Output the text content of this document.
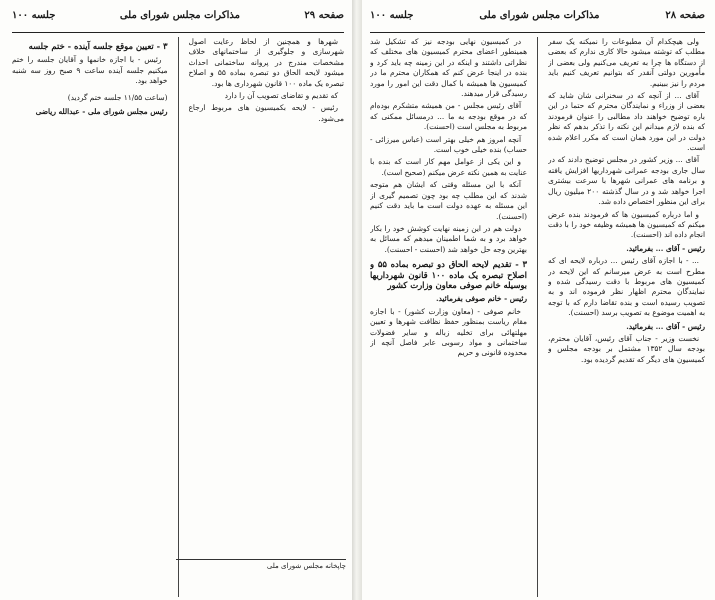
صفحه ۲۹
مذاکرات مجلس شورای ملی
جلسه ۱۰۰

شهرها و همچنین از لحاظ رعایت اصول شهرسازی و جلوگیری از ساختمانهای خلاف مشخصات مندرج در پروانه ساختمانی احداث میشود لایحه الحاق دو تبصره بماده ۵۵ و اصلاح تبصره یک ماده ۱۰۰ قانون شهرداری ها بود.

که تقدیم و تقاضای تصویب آن را دارد

رئیس - لایحه بکمیسیون های مربوط ارجاع می‌شود.

۳ - تعیین موقع جلسه آینده - ختم جلسه

رئیس - با اجازه خانمها و آقایان جلسه را ختم میکنیم جلسه آینده ساعت ۹ صبح روز سه شنبه خواهد بود.

(ساعت ۱۱/۵۵ جلسه ختم گردید)
رئیس مجلس شورای ملی - عبدالله ریاضی
چاپخانه مجلس شورای ملی
صفحه ۲۸
مذاکرات مجلس شورای ملی
جلسه ۱۰۰

ولی هیچکدام آن مطبوعات را نمیکنه یک سفر مطلب که توشته میشود حالا کاری ندارم که بعضی از دستگاه ها چرا به تعریف می‌کنیم ولی بعضی از مأمورین دولتی آنقدر که بتوانیم تعریف کنیم باید مردم را نیز ببینیم.

آقای ... از آنچه که در سخنرانی شان شاید که بعضی از وزراء و نمایندگان محترم که حتما در این باره توضیح خواهند داد مطالبی را عنوان فرمودند که بنده لازم میدانم این نکته را تذکر بدهم که نظر دولت در این مورد همان است که مکرر اعلام شده است.

آقای ... وزیر کشور در مجلس توضیح دادند که در سال جاری بودجه عمرانی شهرداریها افزایش یافته و برنامه های عمرانی شهرها با سرعت بیشتری اجرا خواهد شد و در سال گذشته ۲۰۰ میلیون ریال برای این منظور اختصاص داده شد.

و اما درباره کمیسیون ها که فرمودند بنده عرض میکنم که کمیسیون ها همیشه وظیفه خود را با دقت انجام داده اند (احسنت).

رئیس - آقای ... بفرمائید.

... - با اجازه آقای رئیس ... درباره لایحه ای که مطرح است به عرض میرسانم که این لایحه در کمیسیون های مربوط با دقت رسیدگی شده و نمایندگان محترم اظهار نظر فرموده اند و به تصویب رسیده است و بنده تقاضا دارم که با توجه به اهمیت موضوع به تصویب برسد (احسنت).

رئیس - آقای ... بفرمائید.

نخست وزیر - جناب آقای رئیس، آقایان محترم، بودجه سال ۱۳۵۲ مشتمل بر بودجه مجلس و کمیسیون های دیگر که تقدیم گردیده بود.

در کمیسیون نهایی بودجه نیز که تشکیل شد همینطور اعضای محترم کمیسیون های مختلف که نظراتی داشتند و اینکه در این زمینه چه باید کرد و بنده در اینجا عرض کنم که همکاران محترم ما در کمیسیون ها همیشه با کمال دقت این امور را مورد رسیدگی قرار میدهند.

آقای رئیس مجلس - من همیشه متشکرم بوده‌ام که در موقع بودجه به ما ... درمسائل ممکنی که مربوط به مجلس است (احسنت).

آنچه امروز هم خیلی بهتر است (عباس میرزائی - حساب) بنده خیلی خوب است.

و این یکی از عوامل مهم کار است که بنده با عنایت به همین نکته عرض میکنم (صحیح است).

آنکه با این مسئله وقتی که ایشان هم متوجه شدند که این مطلب چه بود چون تصمیم گیری از این مسئله به عهده دولت است ما باید دقت کنیم (احسنت).

دولت هم در این زمینه نهایت کوشش خود را بکار خواهد برد و به شما اطمینان میدهم که مسائل به بهترین وجه حل خواهد شد (احسنت - احسنت).

۳ - تقدیم لایحه الحاق دو تبصره بماده ۵۵ و اصلاح تبصره یک ماده ۱۰۰ قانون شهرداریها بوسیله خانم صوفی معاون وزارت کشور

رئیس - خانم صوفی بفرمائید.

خانم صوفی - (معاون وزارت کشور) - با اجازه مقام ریاست بمنظور حفظ نظافت شهرها و تعیین مهلتهائی برای تخلیه زباله و سایر فضولات ساختمانی و مواد رسوبی عابر فاصل آنچه از محدوده قانونی و حریم
